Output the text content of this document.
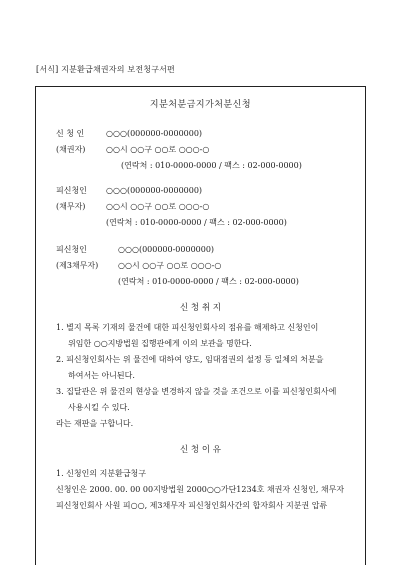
[서식] 지분환급채권자의 보전청구서편
지분처분금지가처분신청
신 청 인
(채권자)
○○○(000000-0000000)
○○시 ○○구 ○○로 ○○○-○
(연락처 : 010-0000-0000 / 팩스 : 02-000-0000)
피신청인
(채무자)
○○○(000000-0000000)
○○시 ○○구 ○○로 ○○○-○
(연락처 : 010-0000-0000 / 팩스 : 02-000-0000)
피신청인
(제3채무자)
○○○(000000-0000000)
○○시 ○○구 ○○로 ○○○-○
(연락처 : 010-0000-0000 / 팩스 : 02-000-0000)
신 청 취 지
1. 별지 목록 기재의 물건에 대한 피신청인회사의 점유를 해제하고 신청인이
위임한 ○○지방법원 집행관에게 이의 보관을 명한다.
2. 피신청인회사는 위 물건에 대하여 양도, 임대점권의 설정 등 일체의 처분을
하여서는 아니된다.
3. 집달관은 위 물건의 현상을 변경하지 않을 것을 조건으로 이를 피신청인회사에
사용시킬 수 있다.
라는 재판을 구합니다.
신 청 이 유
1. 신청인의 지분환급청구
신청인은 2000. 00. 00 00지방법원 2000○○가단1234호 채권자 신청인, 채무자
피신청인회사 사원 피○○, 제3채무자 피신청인회사간의 합자회사 지분권 압류
